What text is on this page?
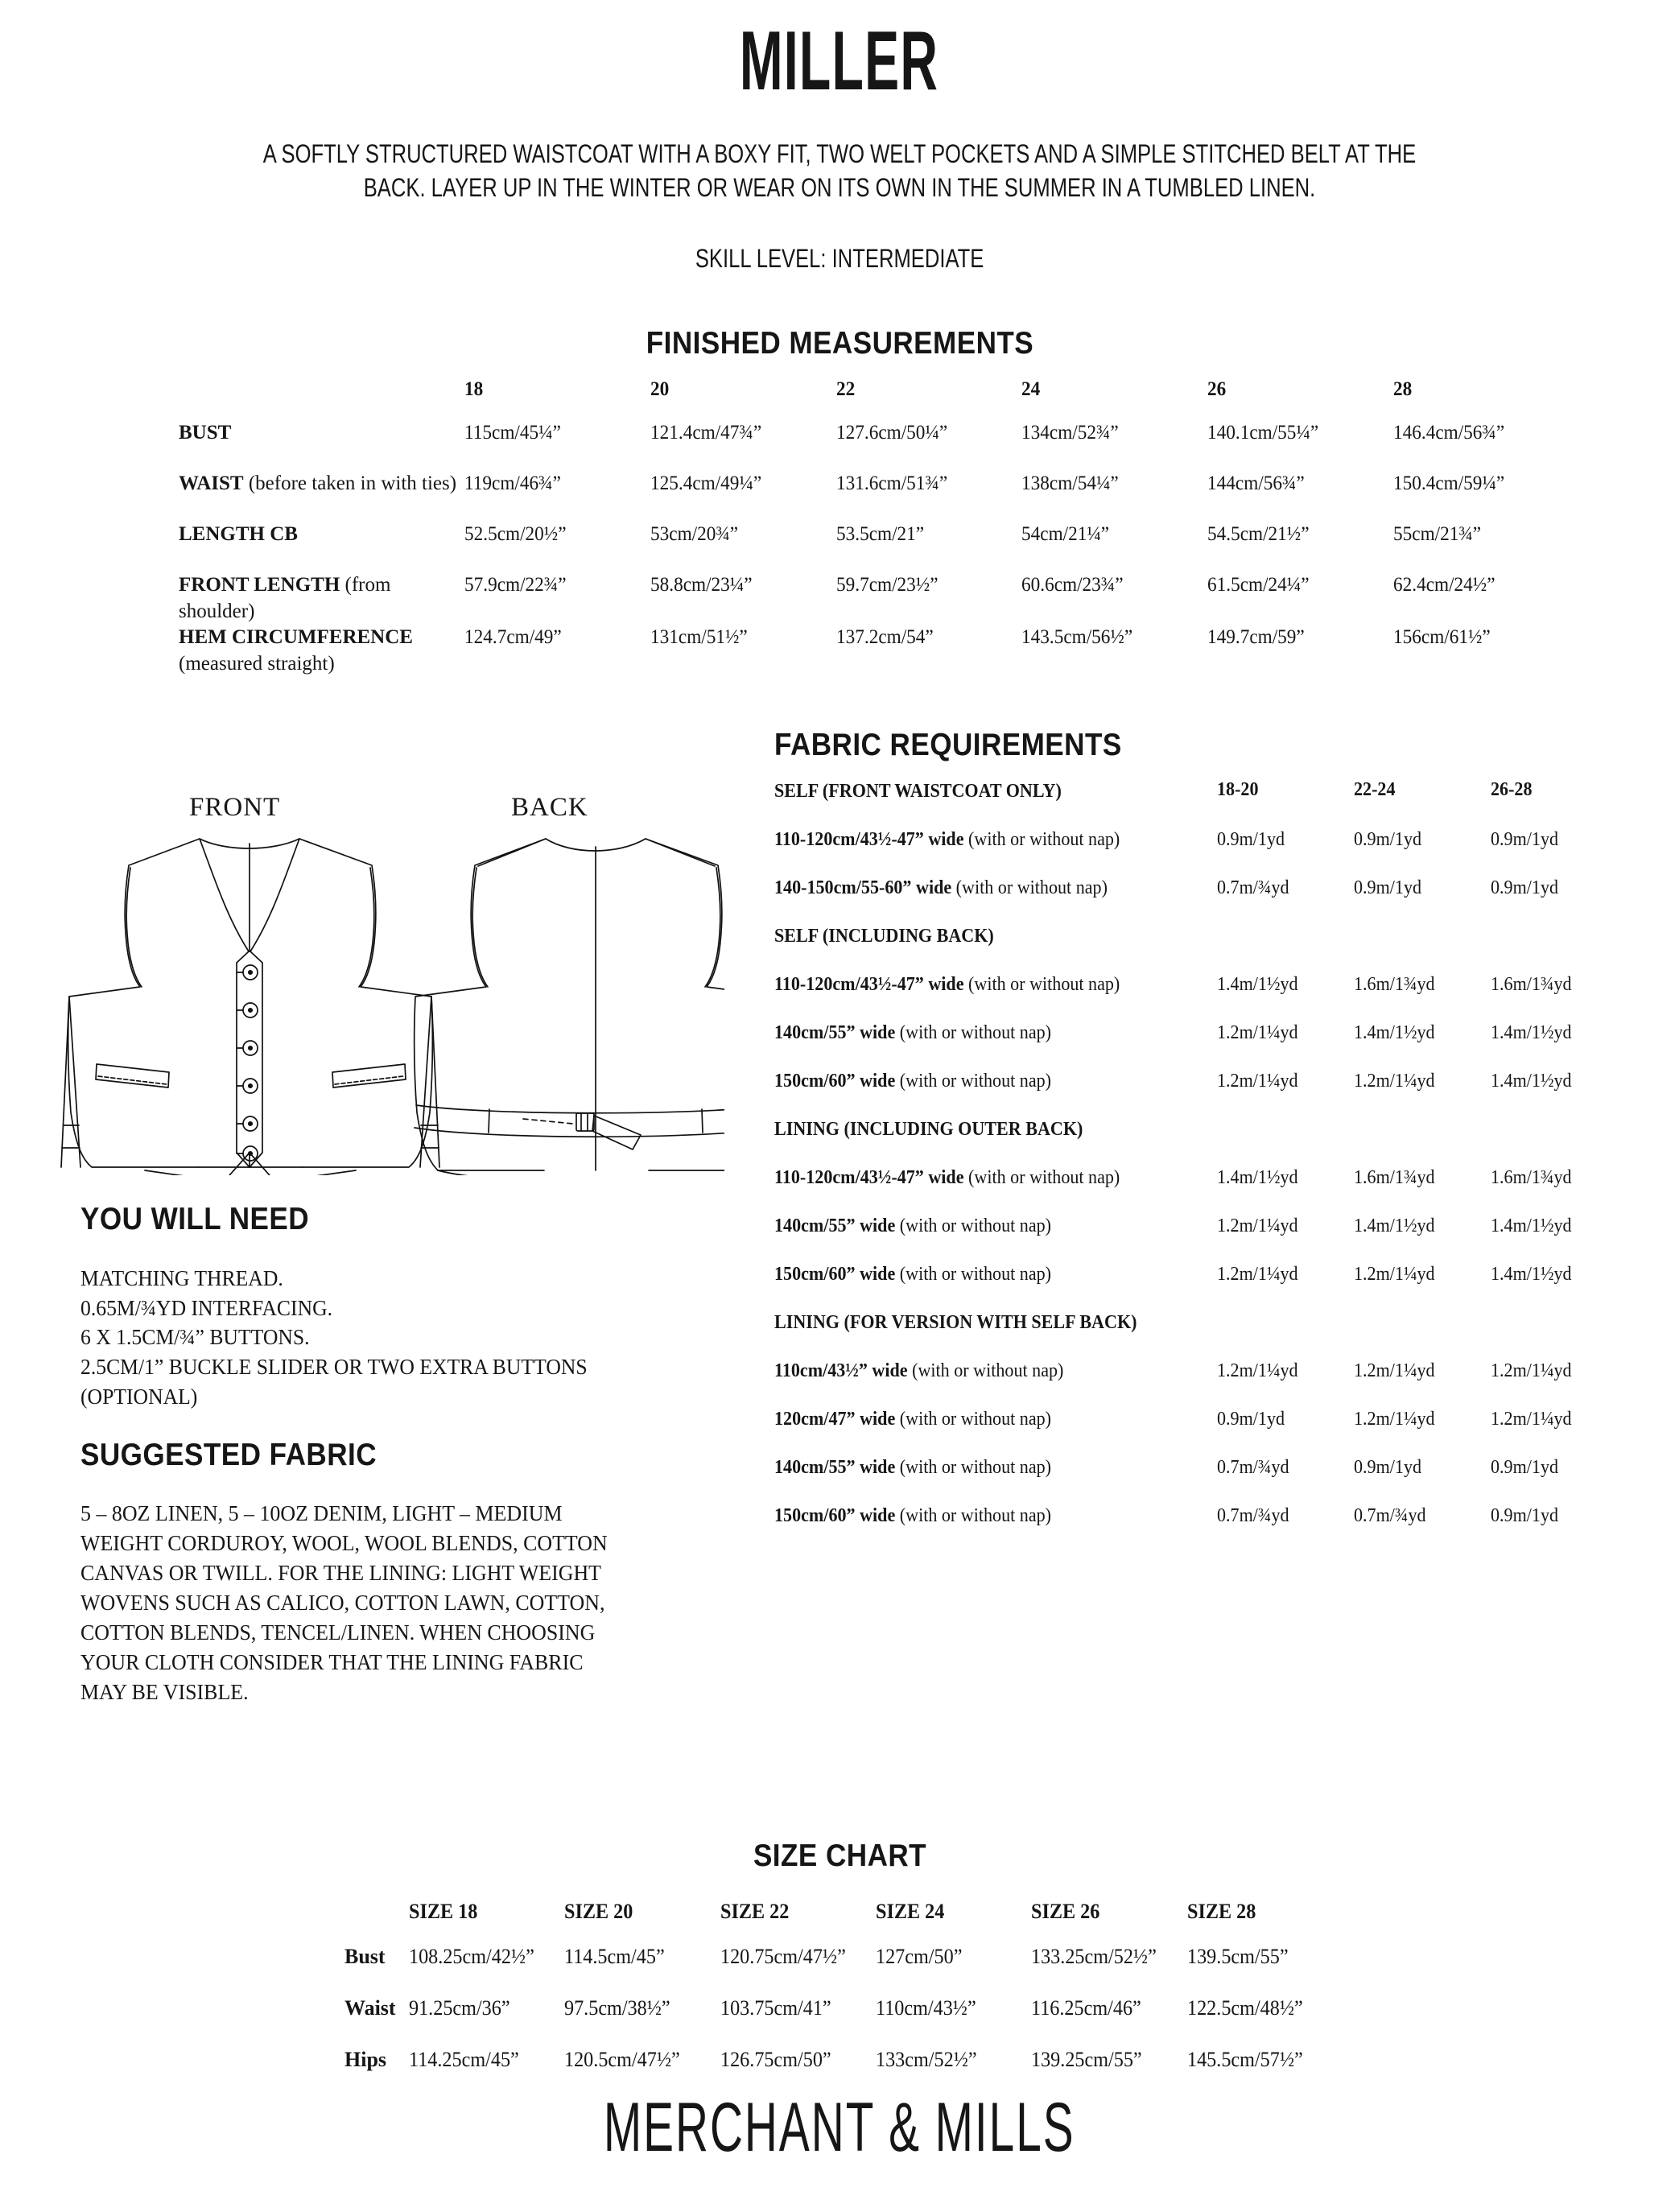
MILLER
A SOFTLY STRUCTURED WAISTCOAT WITH A BOXY FIT, TWO WELT POCKETS AND A SIMPLE STITCHED BELT AT THE BACK. LAYER UP IN THE WINTER OR WEAR ON ITS OWN IN THE SUMMER IN A TUMBLED LINEN.
SKILL LEVEL: INTERMEDIATE
FINISHED MEASUREMENTS
	18	20	22	24	26	28
BUST	115cm/45¼”	121.4cm/47¾”	127.6cm/50¼”	134cm/52¾”	140.1cm/55¼”	146.4cm/56¾”
WAIST (before taken in with ties)	119cm/46¾”	125.4cm/49¼”	131.6cm/51¾”	138cm/54¼”	144cm/56¾”	150.4cm/59¼”
LENGTH CB	52.5cm/20½”	53cm/20¾”	53.5cm/21”	54cm/21¼”	54.5cm/21½”	55cm/21¾”
FRONT LENGTH (from shoulder)	57.9cm/22¾”	58.8cm/23¼”	59.7cm/23½”	60.6cm/23¾”	61.5cm/24¼”	62.4cm/24½”
HEM CIRCUMFERENCE (measured straight)	124.7cm/49”	131cm/51½”	137.2cm/54”	143.5cm/56½”	149.7cm/59”	156cm/61½”
FRONT	BACK
FABRIC REQUIREMENTS
SELF (FRONT WAISTCOAT ONLY)	18-20	22-24	26-28
110-120cm/43½-47” wide (with or without nap)	0.9m/1yd	0.9m/1yd	0.9m/1yd
140-150cm/55-60” wide (with or without nap)	0.7m/¾yd	0.9m/1yd	0.9m/1yd
SELF (INCLUDING BACK)			
110-120cm/43½-47” wide (with or without nap)	1.4m/1½yd	1.6m/1¾yd	1.6m/1¾yd
140cm/55” wide (with or without nap)	1.2m/1¼yd	1.4m/1½yd	1.4m/1½yd
150cm/60” wide (with or without nap)	1.2m/1¼yd	1.2m/1¼yd	1.4m/1½yd
LINING (INCLUDING OUTER BACK)			
110-120cm/43½-47” wide (with or without nap)	1.4m/1½yd	1.6m/1¾yd	1.6m/1¾yd
140cm/55” wide (with or without nap)	1.2m/1¼yd	1.4m/1½yd	1.4m/1½yd
150cm/60” wide (with or without nap)	1.2m/1¼yd	1.2m/1¼yd	1.4m/1½yd
LINING (FOR VERSION WITH SELF BACK)			
110cm/43½” wide (with or without nap)	1.2m/1¼yd	1.2m/1¼yd	1.2m/1¼yd
120cm/47” wide (with or without nap)	0.9m/1yd	1.2m/1¼yd	1.2m/1¼yd
140cm/55” wide (with or without nap)	0.7m/¾yd	0.9m/1yd	0.9m/1yd
150cm/60” wide (with or without nap)	0.7m/¾yd	0.7m/¾yd	0.9m/1yd
YOU WILL NEED
MATCHING THREAD.
0.65M/¾YD INTERFACING.
6 X 1.5CM/¾” BUTTONS.
2.5CM/1” BUCKLE SLIDER OR TWO EXTRA BUTTONS
(OPTIONAL)
SUGGESTED FABRIC

5 – 8OZ LINEN, 5 – 10OZ DENIM, LIGHT – MEDIUM WEIGHT CORDUROY, WOOL, WOOL BLENDS, COTTON CANVAS OR TWILL. FOR THE LINING: LIGHT WEIGHT WOVENS SUCH AS CALICO, COTTON LAWN, COTTON, COTTON BLENDS, TENCEL/LINEN. WHEN CHOOSING YOUR CLOTH CONSIDER THAT THE LINING FABRIC MAY BE VISIBLE.

SIZE CHART
	SIZE 18	SIZE 20	SIZE 22	SIZE 24	SIZE 26	SIZE 28
Bust	108.25cm/42½”	114.5cm/45”	120.75cm/47½”	127cm/50”	133.25cm/52½”	139.5cm/55”
Waist	91.25cm/36”	97.5cm/38½”	103.75cm/41”	110cm/43½”	116.25cm/46”	122.5cm/48½”
Hips	114.25cm/45”	120.5cm/47½”	126.75cm/50”	133cm/52½”	139.25cm/55”	145.5cm/57½”
MERCHANT & MILLS
